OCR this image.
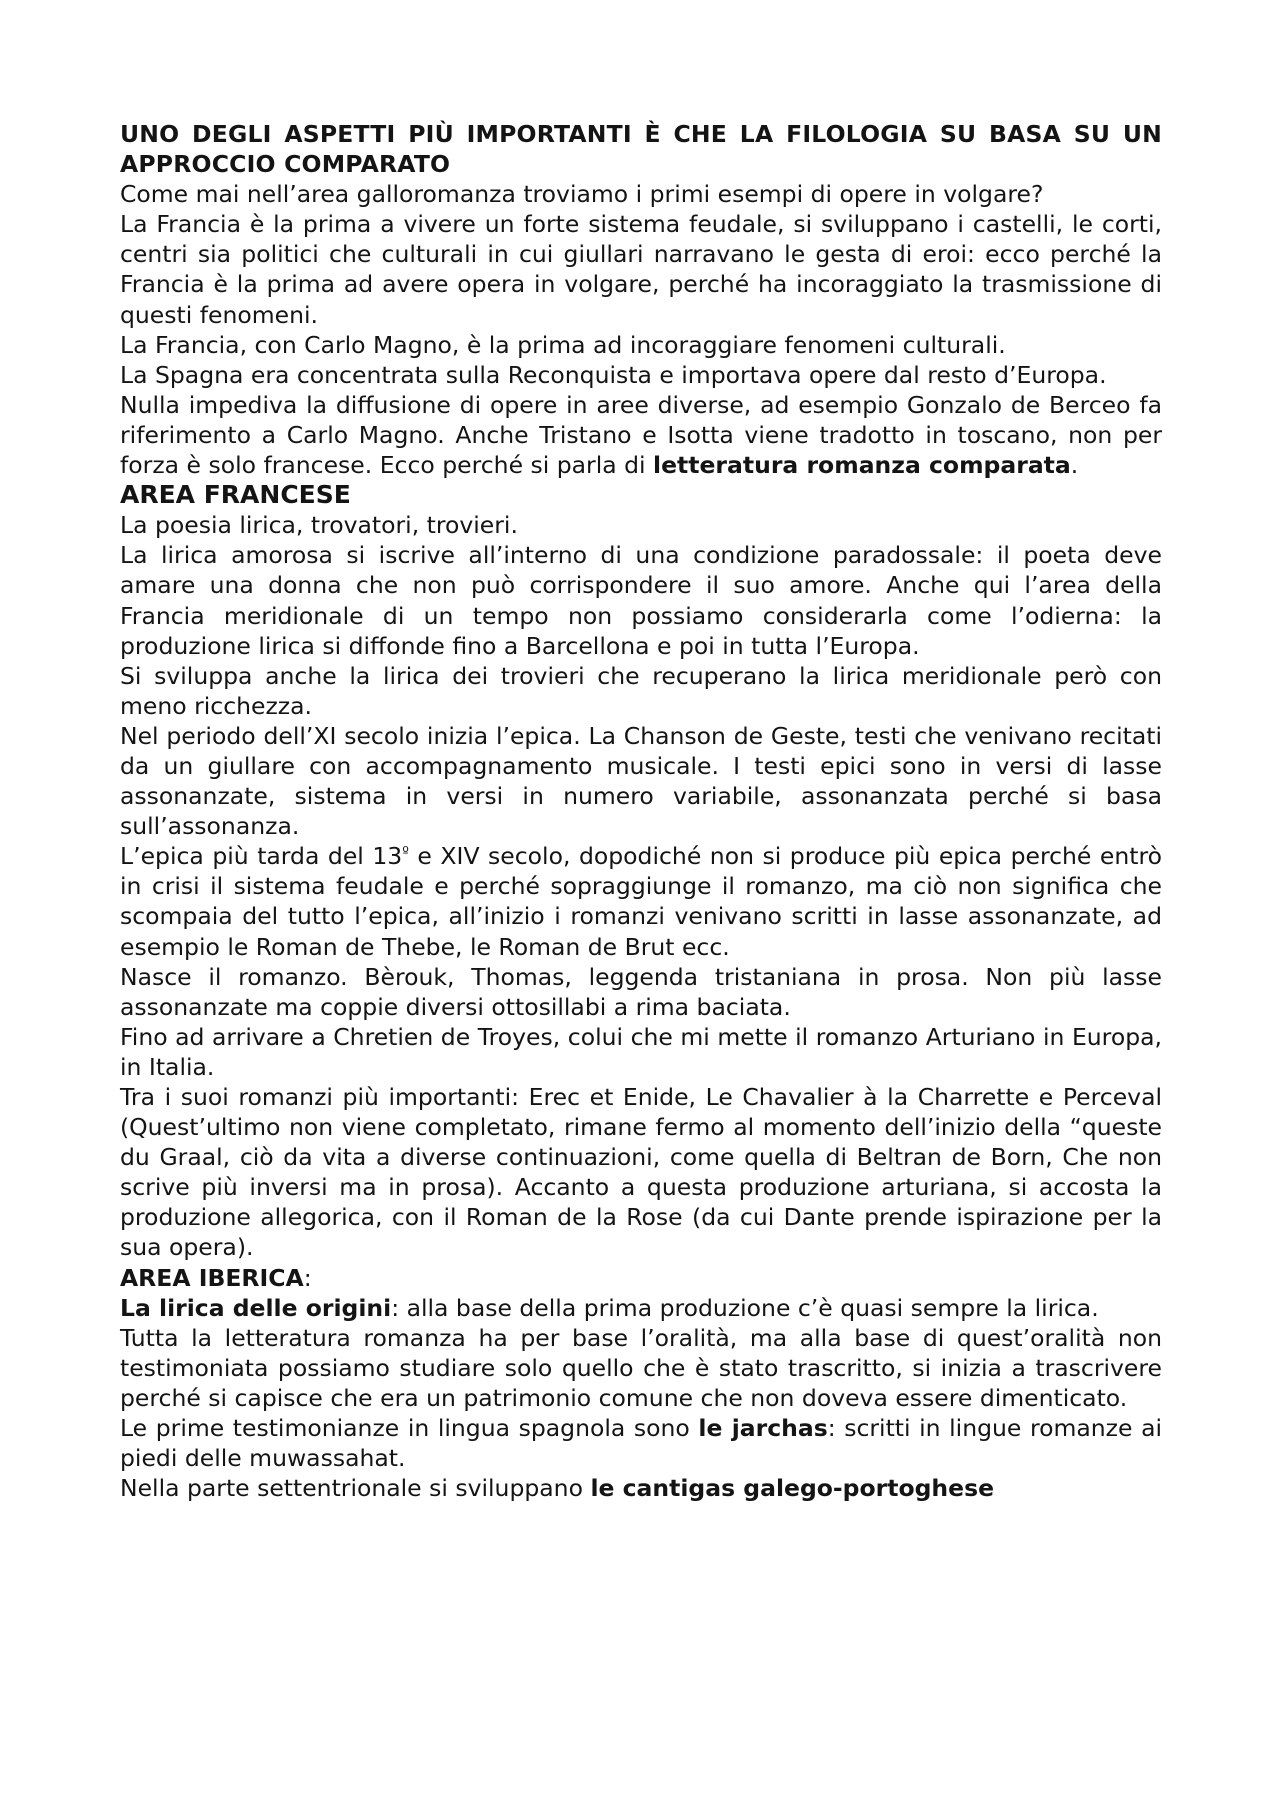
UNO DEGLI ASPETTI PIÙ IMPORTANTI È CHE LA FILOLOGIA SU BASA SU UN APPROCCIO COMPARATO

Come mai nell’area galloromanza troviamo i primi esempi di opere in volgare?

La Francia è la prima a vivere un forte sistema feudale, si sviluppano i castelli, le corti, centri sia politici che culturali in cui giullari narravano le gesta di eroi: ecco perché la Francia è la prima ad avere opera in volgare, perché ha incoraggiato la trasmissione di questi fenomeni.

La Francia, con Carlo Magno, è la prima ad incoraggiare fenomeni culturali.

La Spagna era concentrata sulla Reconquista e importava opere dal resto d’Europa.

Nulla impediva la diffusione di opere in aree diverse, ad esempio Gonzalo de Berceo fa riferimento a Carlo Magno. Anche Tristano e Isotta viene tradotto in toscano, non per forza è solo francese. Ecco perché si parla di letteratura romanza comparata.

AREA FRANCESE

La poesia lirica, trovatori, trovieri.

La lirica amorosa si iscrive all’interno di una condizione paradossale: il poeta deve amare una donna che non può corrispondere il suo amore. Anche qui l’area della Francia meridionale di un tempo non possiamo considerarla come l’odierna: la produzione lirica si diffonde fino a Barcellona e poi in tutta l’Europa.

Si sviluppa anche la lirica dei trovieri che recuperano la lirica meridionale però con meno ricchezza.

Nel periodo dell’XI secolo inizia l’epica. La Chanson de Geste, testi che venivano recitati da un giullare con accompagnamento musicale. I testi epici sono in versi di lasse assonanzate, sistema in versi in numero variabile, assonanzata perché si basa sull’assonanza.

L’epica più tarda del $13^º$ e XIV secolo, dopodiché non si produce più epica perché entrò in crisi il sistema feudale e perché sopraggiunge il romanzo, ma ciò non significa che scompaia del tutto l’epica, all’inizio i romanzi venivano scritti in lasse assonanzate, ad esempio le Roman de Thebe, le Roman de Brut ecc.

Nasce il romanzo. Bèrouk, Thomas, leggenda tristaniana in prosa. Non più lasse assonanzate ma coppie diversi ottosillabi a rima baciata.

Fino ad arrivare a Chretien de Troyes, colui che mi mette il romanzo Arturiano in Europa, in Italia.

Tra i suoi romanzi più importanti: Erec et Enide, Le Chavalier à la Charrette e Perceval (Quest’ultimo non viene completato, rimane fermo al momento dell’inizio della “queste du Graal, ciò da vita a diverse continuazioni, come quella di Beltran de Born, Che non scrive più inversi ma in prosa). Accanto a questa produzione arturiana, si accosta la produzione allegorica, con il Roman de la Rose (da cui Dante prende ispirazione per la sua opera).

AREA IBERICA:

La lirica delle origini: alla base della prima produzione c’è quasi sempre la lirica.

Tutta la letteratura romanza ha per base l’oralità, ma alla base di quest’oralità non testimoniata possiamo studiare solo quello che è stato trascritto, si inizia a trascrivere perché si capisce che era un patrimonio comune che non doveva essere dimenticato.

Le prime testimonianze in lingua spagnola sono le jarchas: scritti in lingue romanze ai piedi delle muwassahat.

Nella parte settentrionale si sviluppano le cantigas galego-portoghese
